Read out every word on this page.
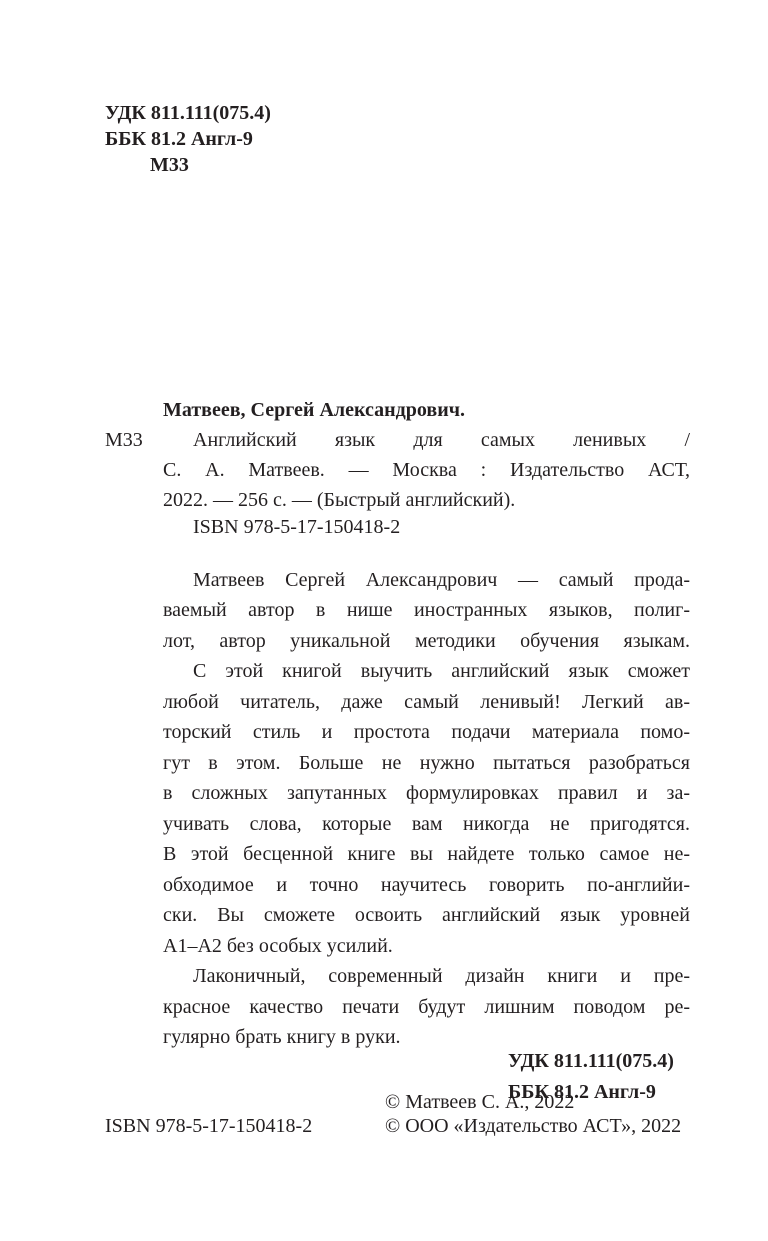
УДК 811.111(075.4)
ББК 81.2 Англ-9
М33
Матвеев, Сергей Александрович.
М33	Английский язык для самых ленивых /
С. А. Матвеев. — Москва : Издательство АСТ,
2022. — 256 с. — (Быстрый английский).
ISBN 978-5-17-150418-2
Матвеев Сергей Александрович — самый прода-
ваемый автор в нише иностранных языков, полиг-
лот, автор уникальной методики обучения языкам.
С этой книгой выучить английский язык сможет
любой читатель, даже самый ленивый! Легкий ав-
торский стиль и простота подачи материала помо-
гут в этом. Больше не нужно пытаться разобраться
в сложных запутанных формулировках правил и за-
учивать слова, которые вам никогда не пригодятся.
В этой бесценной книге вы найдете только самое не-
обходимое и точно научитесь говорить по-английи-
ски. Вы сможете освоить английский язык уровней
А1–А2 без особых усилий.
Лаконичный, современный дизайн книги и пре-
красное качество печати будут лишним поводом ре-
гулярно брать книгу в руки.
УДК 811.111(075.4)
ББК 81.2 Англ-9
ISBN 978-5-17-150418-2
© Матвеев С. А., 2022
© ООО «Издательство АСТ», 2022
